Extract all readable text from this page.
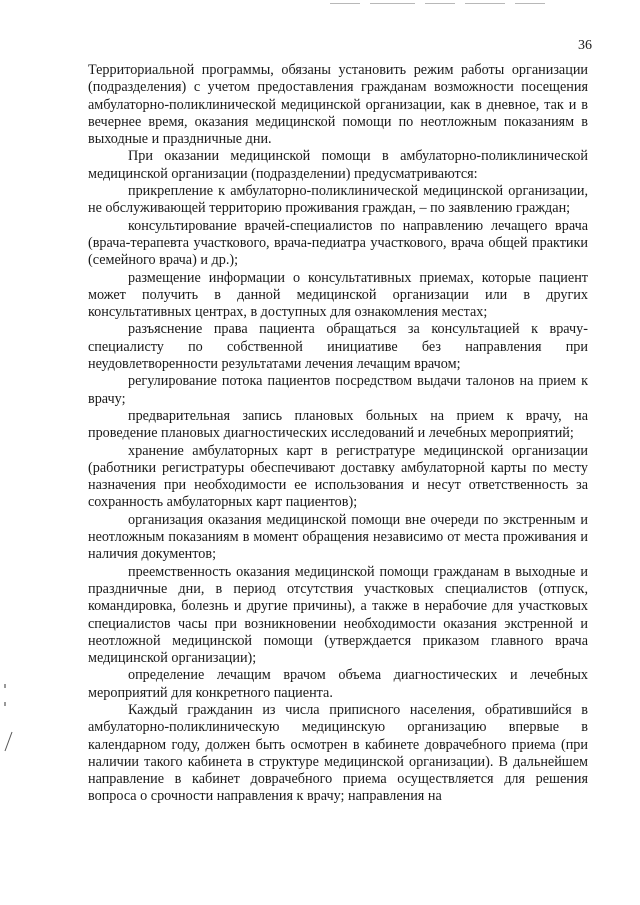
36

Территориальной программы, обязаны установить режим работы организации (подразделения) с учетом предоставления гражданам возможности посещения амбулаторно-поликлинической медицинской организации, как в дневное, так и в вечернее время, оказания медицинской помощи по неотложным показаниям в выходные и праздничные дни.

При оказании медицинской помощи в амбулаторно-поликлинической медицинской организации (подразделении) предусматриваются:

прикрепление к амбулаторно-поликлинической медицинской организации, не обслуживающей территорию проживания граждан, – по заявлению граждан;

консультирование врачей-специалистов по направлению лечащего врача (врача-терапевта участкового, врача-педиатра участкового, врача общей практики (семейного врача) и др.);

размещение информации о консультативных приемах, которые пациент может получить в данной медицинской организации или в других консультативных центрах, в доступных для ознакомления местах;

разъяснение права пациента обращаться за консультацией к врачу-специалисту по собственной инициативе без направления при неудовлетворенности результатами лечения лечащим врачом;

регулирование потока пациентов посредством выдачи талонов на прием к врачу;

предварительная запись плановых больных на прием к врачу, на проведение плановых диагностических исследований и лечебных мероприятий;

хранение амбулаторных карт в регистратуре медицинской организации (работники регистратуры обеспечивают доставку амбулаторной карты по месту назначения при необходимости ее использования и несут ответственность за сохранность амбулаторных карт пациентов);

организация оказания медицинской помощи вне очереди по экстренным и неотложным показаниям в момент обращения независимо от места проживания и наличия документов;

преемственность оказания медицинской помощи гражданам в выходные и праздничные дни, в период отсутствия участковых специалистов (отпуск, командировка, болезнь и другие причины), а также в нерабочие для участковых специалистов часы при возникновении необходимости оказания экстренной и неотложной медицинской помощи (утверждается приказом главного врача медицинской организации);

определение лечащим врачом объема диагностических и лечебных мероприятий для конкретного пациента.

Каждый гражданин из числа приписного населения, обратившийся в амбулаторно-поликлиническую медицинскую организацию впервые в календарном году, должен быть осмотрен в кабинете доврачебного приема (при наличии такого кабинета в структуре медицинской организации). В дальнейшем направление в кабинет доврачебного приема осуществляется для решения вопроса о срочности направления к врачу; направления на
